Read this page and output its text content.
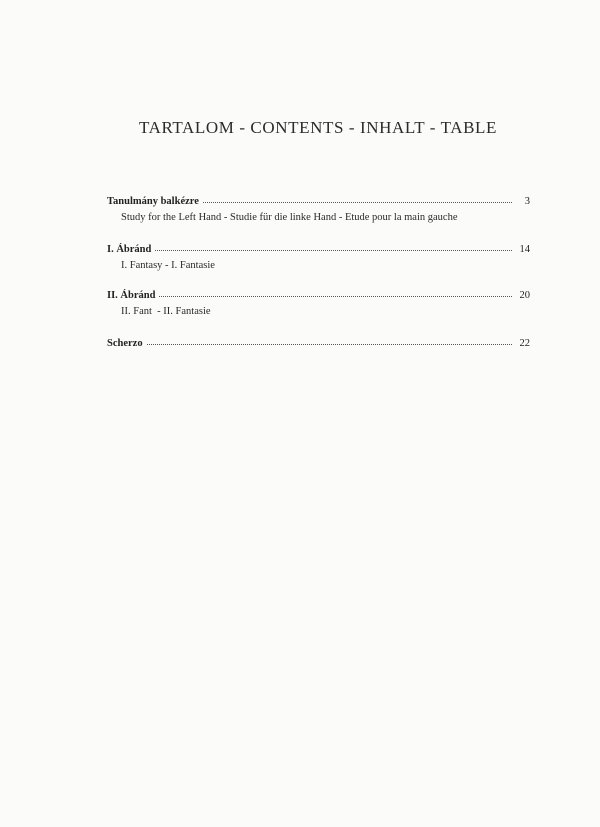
TARTALOM - CONTENTS - INHALT - TABLE
Tanulmány balkézre	3
Study for the Left Hand - Studie für die linke Hand - Etude pour la main gauche
I. Ábránd	14
I. Fantasy - I. Fantasie
II. Ábránd	20
II. Fant  - II. Fantasie
Scherzo	22
